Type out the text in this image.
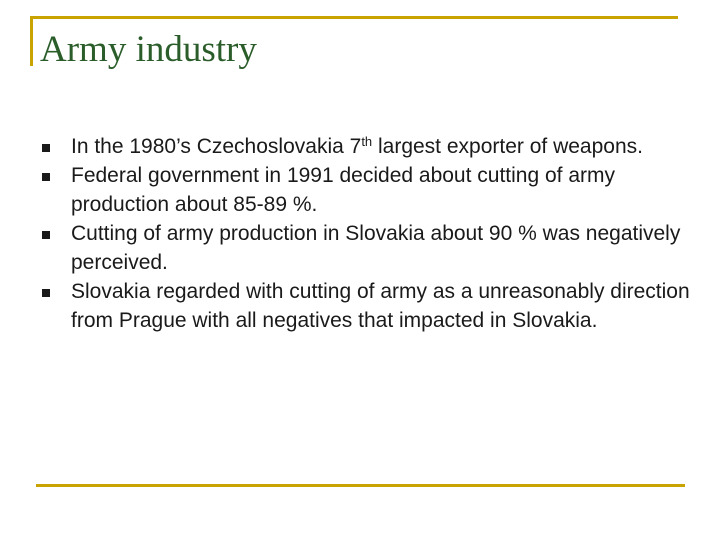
Army industry
In the 1980’s Czechoslovakia 7th largest exporter of weapons.
Federal government in 1991 decided about cutting of army production about 85-89 %.
Cutting of army production in Slovakia about 90 % was negatively perceived.
Slovakia regarded with cutting of army as a unreasonably direction from Prague with all negatives that impacted in Slovakia.
